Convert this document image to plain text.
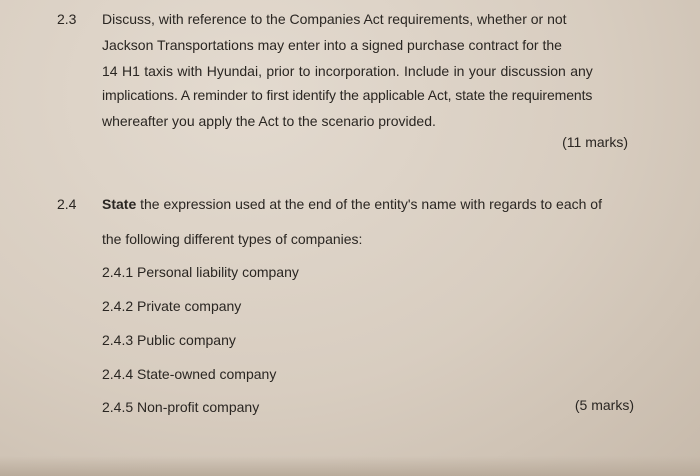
2.3 Discuss, with reference to the Companies Act requirements, whether or not
Jackson Transportations may enter into a signed purchase contract for the
14 H1 taxis with Hyundai, prior to incorporation. Include in your discussion any
implications. A reminder to first identify the applicable Act, state the requirements
whereafter you apply the Act to the scenario provided.
(11 marks)
2.4 State the expression used at the end of the entity's name with regards to each of
the following different types of companies:
2.4.1 Personal liability company
2.4.2 Private company
2.4.3 Public company
2.4.4 State-owned company
2.4.5 Non-profit company	(5 marks)
